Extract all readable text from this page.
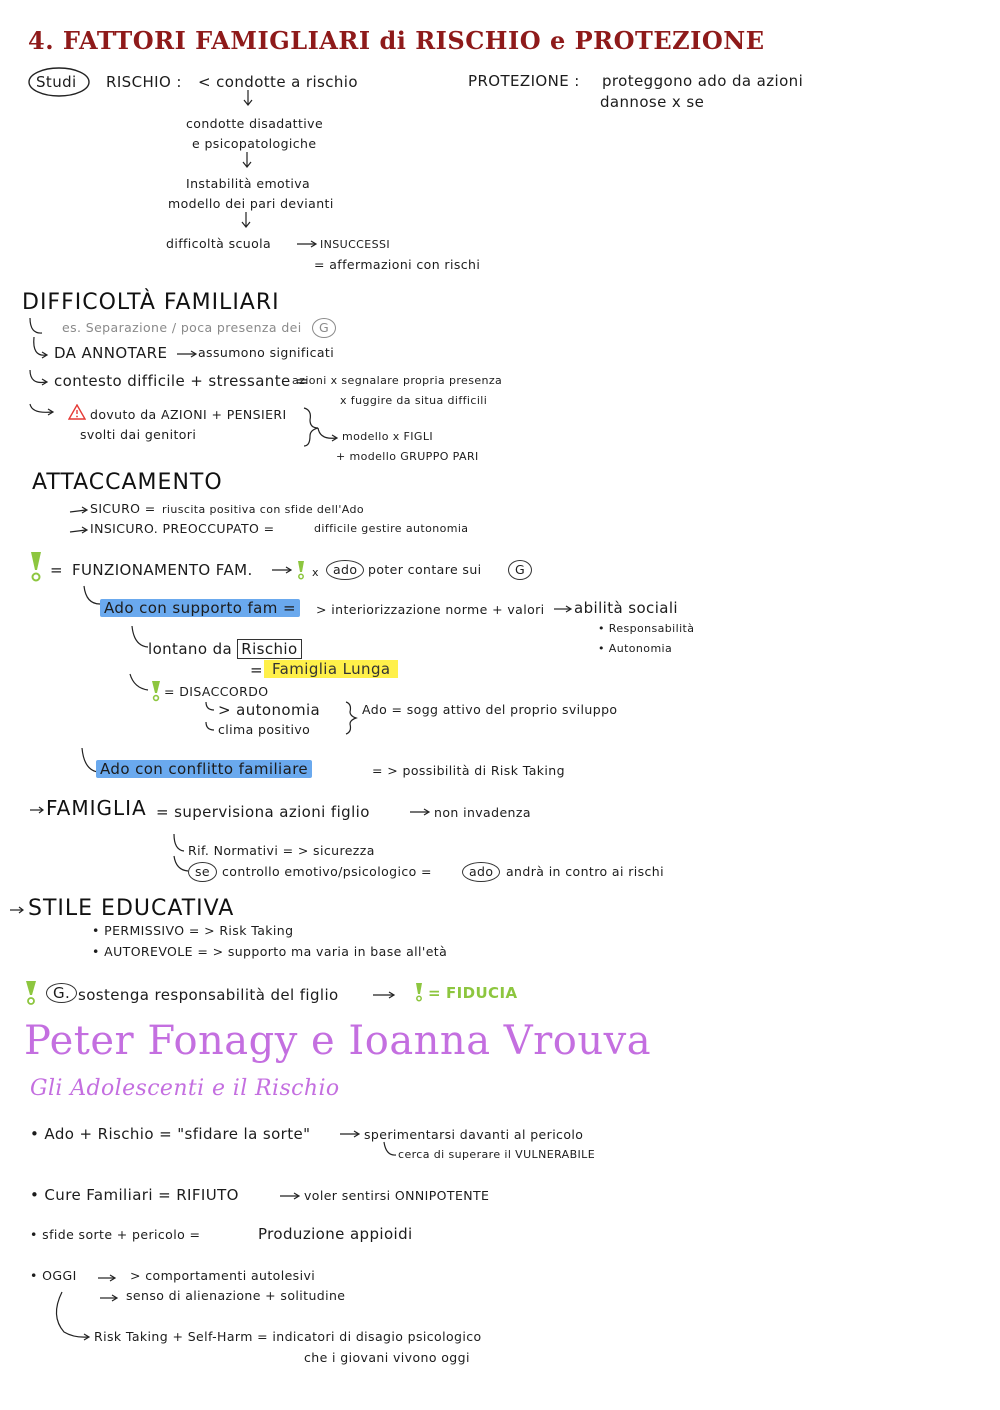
4. FATTORI FAMIGLIARI di RISCHIO e PROTEZIONE
Studi RISCHIO : < condotte a rischio	PROTEZIONE : proteggono ado da azioni
dannose x se
condotte disadattive
e psicopatologiche
Instabilità emotiva
modello dei pari devianti
difficoltà scuola	INSUCCESSI
= affermazioni con rischi
DIFFICOLTÀ FAMILIARI
es. Separazione / poca presenza dei G
DA ANNOTARE assumono significati
contesto difficile + stressante =
azioni x segnalare propria presenza
x fuggire da situa difficili
dovuto da AZIONI + PENSIERI
svolti dai genitori	modello x FIGLI
+ modello GRUPPO PARI
ATTACCAMENTO
SICURO = riuscita positiva con sfide dell'Ado
INSICURO. PREOCCUPATO =	difficile gestire autonomia
= FUNZIONAMENTO FAM.	x	ado poter contare sui	G
Ado con supporto fam =	> interiorizzazione norme + valori abilità sociali
• Responsabilità
• Autonomia
lontano da Rischio
= Famiglia Lunga
= DISACCORDO
> autonomia
clima positivo
Ado = sogg attivo del proprio sviluppo
Ado con conflitto familiare	= > possibilità di Risk Taking
FAMIGLIA = supervisiona azioni figlio	non invadenza
Rif. Normativi = > sicurezza
se controllo emotivo/psicologico =	ado	andrà in contro ai rischi
STILE EDUCATIVA
• PERMISSIVO = > Risk Taking
• AUTOREVOLE = > supporto ma varia in base all'età
G. sostenga responsabilità del figlio	= FIDUCIA
Peter Fonagy e Ioanna Vrouva
Gli Adolescenti e il Rischio
• Ado + Rischio = "sfidare la sorte"	sperimentarsi davanti al pericolo
cerca di superare il VULNERABILE
• Cure Familiari = RIFIUTO	voler sentirsi ONNIPOTENTE
• sfide sorte + pericolo =	Produzione appioidi
• OGGI	> comportamenti autolesivi
senso di alienazione + solitudine
Risk Taking + Self-Harm = indicatori di disagio psicologico
che i giovani vivono oggi
